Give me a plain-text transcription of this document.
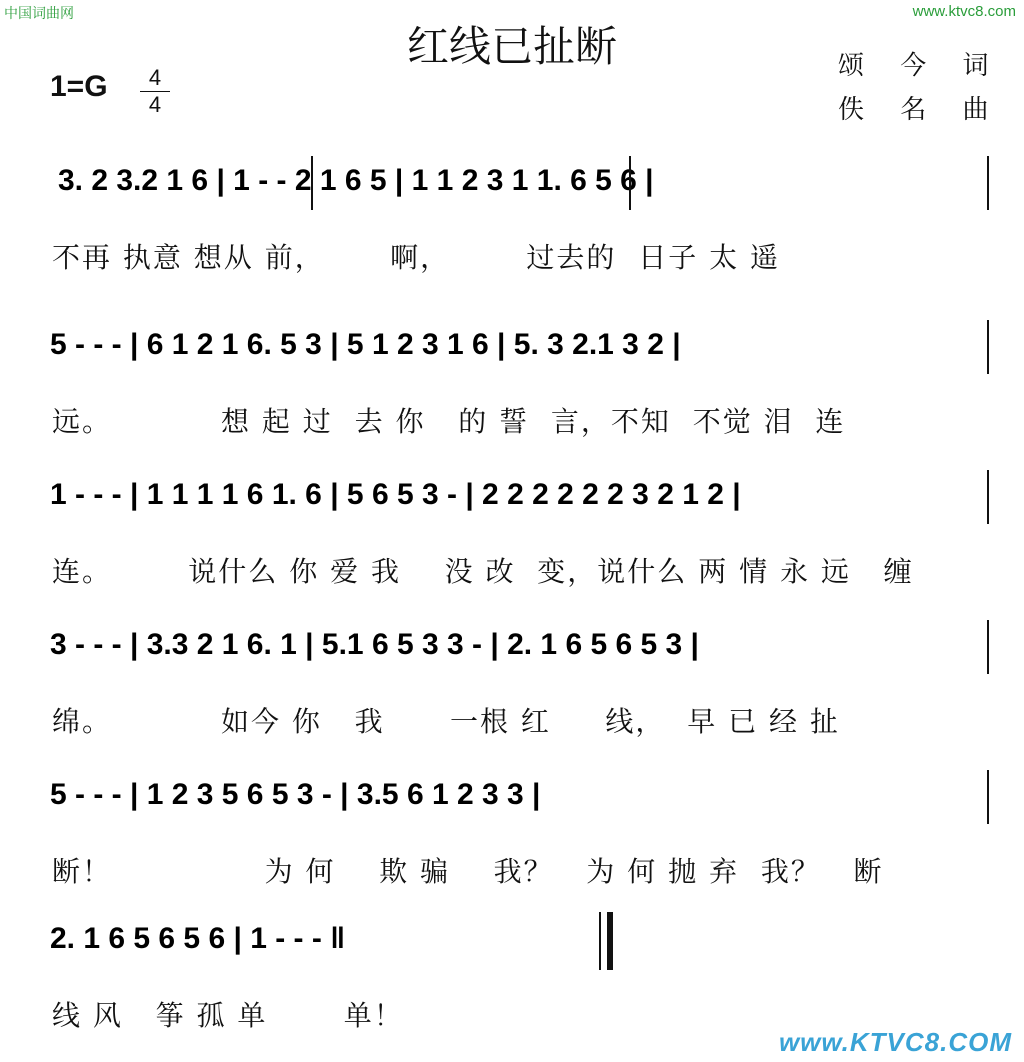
中国词曲网	www.ktvc8.com
红线已扯断	颂 今 词
佚 名 曲
1=G	4
4
3. 2 3.2 1 6 | 1 - - 2 1 6 5 | 1 1 2 3 1 1. 6 5 6 |
不再 执意 想从 前，      啊，       过去的  日子 太 遥
5 - - - | 6 1 2 1 6. 5 3 | 5 1 2 3 1 6 | 5. 3 2.1 3 2 |
远。          想 起 过  去 你   的 誓  言，不知  不觉 泪  连
1 - - - | 1 1 1 1 6 1. 6 | 5 6 5 3 - | 2 2 2 2 2 2 3 2 1 2 |
连。       说什么 你 爱 我    没 改  变，说什么 两 情 永 远   缠
3 - - - | 3.3 2 1 6. 1 | 5.1 6 5 3 3 - | 2. 1 6 5 6 5 3 |
绵。          如今 你   我      一根 红     线，  早 已 经 扯
5 - - - | 1 2 3 5 6 5 3 - | 3.5 6 1 2 3 3 |
断！              为 何    欺 骗    我？   为 何 抛 弃  我？   断
2. 1 6 5 6 5 6 | 1 - - - ‖
线 风   筝 孤 单       单！
www.KTVC8.COM
